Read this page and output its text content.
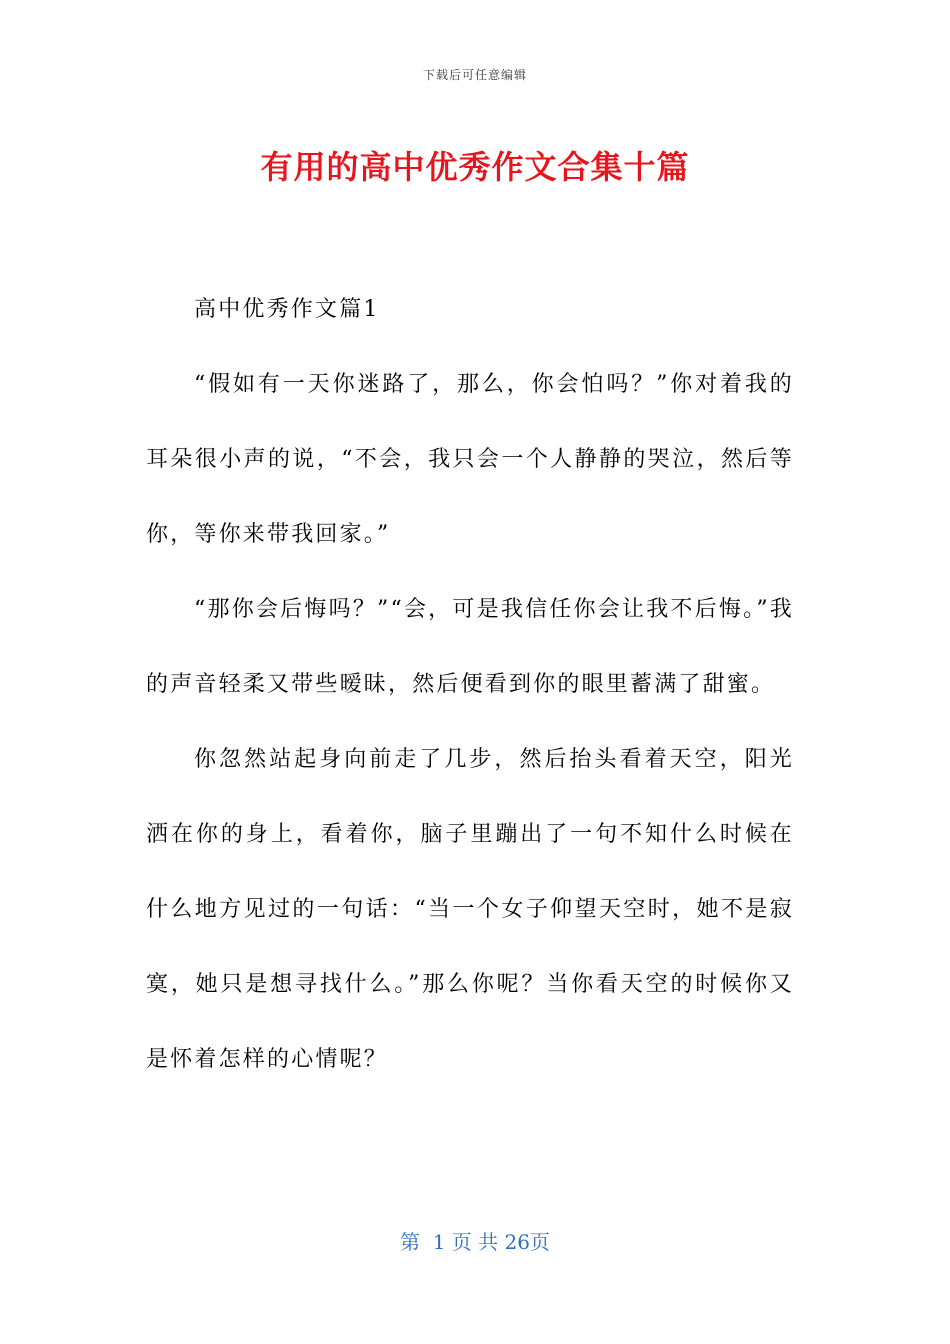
下载后可任意编辑
有用的高中优秀作文合集十篇

高中优秀作文篇1

“假如有一天你迷路了，那么，你会怕吗？”你对着我的耳朵很小声的说，“不会，我只会一个人静静的哭泣，然后等你，等你来带我回家。”

“那你会后悔吗？”“会，可是我信任你会让我不后悔。”我的声音轻柔又带些暧昧，然后便看到你的眼里蓄满了甜蜜。

你忽然站起身向前走了几步，然后抬头看着天空，阳光洒在你的身上，看着你，脑子里蹦出了一句不知什么时候在什么地方见过的一句话：“当一个女子仰望天空时，她不是寂寞，她只是想寻找什么。”那么你呢？当你看天空的时候你又是怀着怎样的心情呢？

第  1 页 共 26页
